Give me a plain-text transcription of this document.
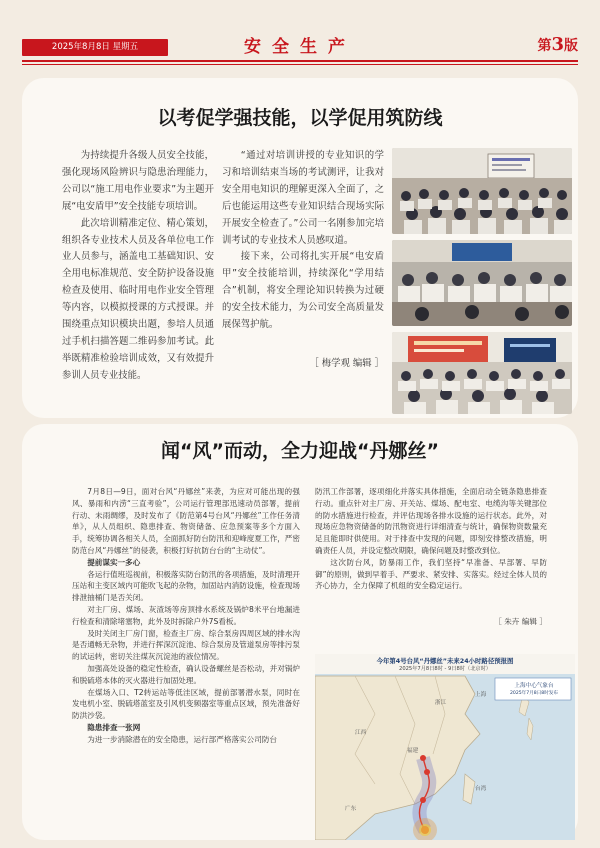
2025年8月8日 星期五	安全生产	第3版
以考促学强技能，以学促用筑防线

为持续提升各级人员安全技能，强化现场风险辨识与隐患治理能力，公司以“施工用电作业要求”为主题开展“电安盾甲”安全技能专项培训。

此次培训精准定位、精心策划，组织各专业技术人员及各单位电工作业人员参与，涵盖电工基础知识、安全用电标准规范、安全防护设备设施检查及使用、临时用电作业安全管理等内容，以模拟授课的方式授课。并围绕重点知识模块出题，参培人员通过手机扫描答题二维码参加考试。此举既精准检验培训成效，又有效提升参训人员专业技能。

“通过对培训讲授的专业知识的学习和培训结束当场的考试测评，让我对安全用电知识的理解更深入全面了，之后也能运用这些专业知识结合现场实际开展安全检查了。”公司一名刚参加完培训考试的专业技术人员感叹道。

接下来，公司将扎实开展“电安盾甲”安全技能培训，持续深化“学用结合”机制，将安全理论知识转换为过硬的安全技术能力，为公司安全高质量发展保驾护航。

［ 梅学观 编辑 ］
闻“风”而动，全力迎战“丹娜丝”

7月8日—9日，面对台风“丹娜丝”来袭，为应对可能出现的强风、暴雨和内涝“三直考验”，公司运行管理部迅速动员部署，提前行动、未雨绸缪，及时发布了《防范第4号台风“丹娜丝”工作任务清单》，从人员组织、隐患排查、物资储备、应急预案等多个方面入手，统筹协调各相关人员，全面抓好防台防汛和迎峰度夏工作，严密防范台风“丹娜丝”的侵袭，积极打好抗防台台的“主动仗”。

提前谋实一多心

各运行值班巡视前，积极落实防台防汛的各项措施，及时清理开压站和主变区域内可能吹飞起的杂物，加固站内消防设施，检查现场排泄抽桶门是否关闭。

对主厂房、煤场、灰渣场等房顶排水系统及锅炉8米平台地漏进行检查和清除堵塞物，此外及时拆除户外7S看板。

及时关闭主厂房门窗，检查主厂房、综合泵房四周区域的排水沟是否通畅无杂物，并进行挥深沉淀池、综合泵房及管道泵房等排污泵的试运转，密切关注煤灰沉淀池的液位情况。

加强高处设备的稳定性检查，确认设备螺丝是否松动，并对锅炉和脱硫塔本体的灭火器进行加固处理。

在煤场入口、T2转运站等低洼区域，提前部署潜水泵，同时在发电机小室、脱硫塔蓝室及引风机变频器室等重点区域，预先准备好防洪沙袋。

隐患排查一张网

为进一步消除潜在的安全隐患，运行部严格落实公司防台

防汛工作部署，逐项细化并落实具体措施，全面启动全链条隐患排查行动。重点针对主厂房、开关站、煤场、配电室、电缆沟等关键部位的防水措施进行检查，并评估现场各排水设施的运行状态。此外，对现场应急物资储备的防汛物资进行详细清查与统计，确保物资数量充足且能即时供使用。对于排查中发现的问题，即刻安排整改措施，明确责任人员，并设定整改期限，确保问题及时整改到位。

这次防台风，防暴雨工作，我们坚持“早准备、早部署、早防御”的原则，做到早着手、严要求、紧安排、实落实。经过全体人员的齐心协力，全力保障了机组的安全稳定运行。

［ 朱卉 编辑 ］
今年第4号台风“丹娜丝”未来24小时路径预报图
2025年7月8日8时 - 9日8时（北京时）
上海中心气象台
2025年7月8日8时发布
浙江
上海
福建
江西
广东
台湾
